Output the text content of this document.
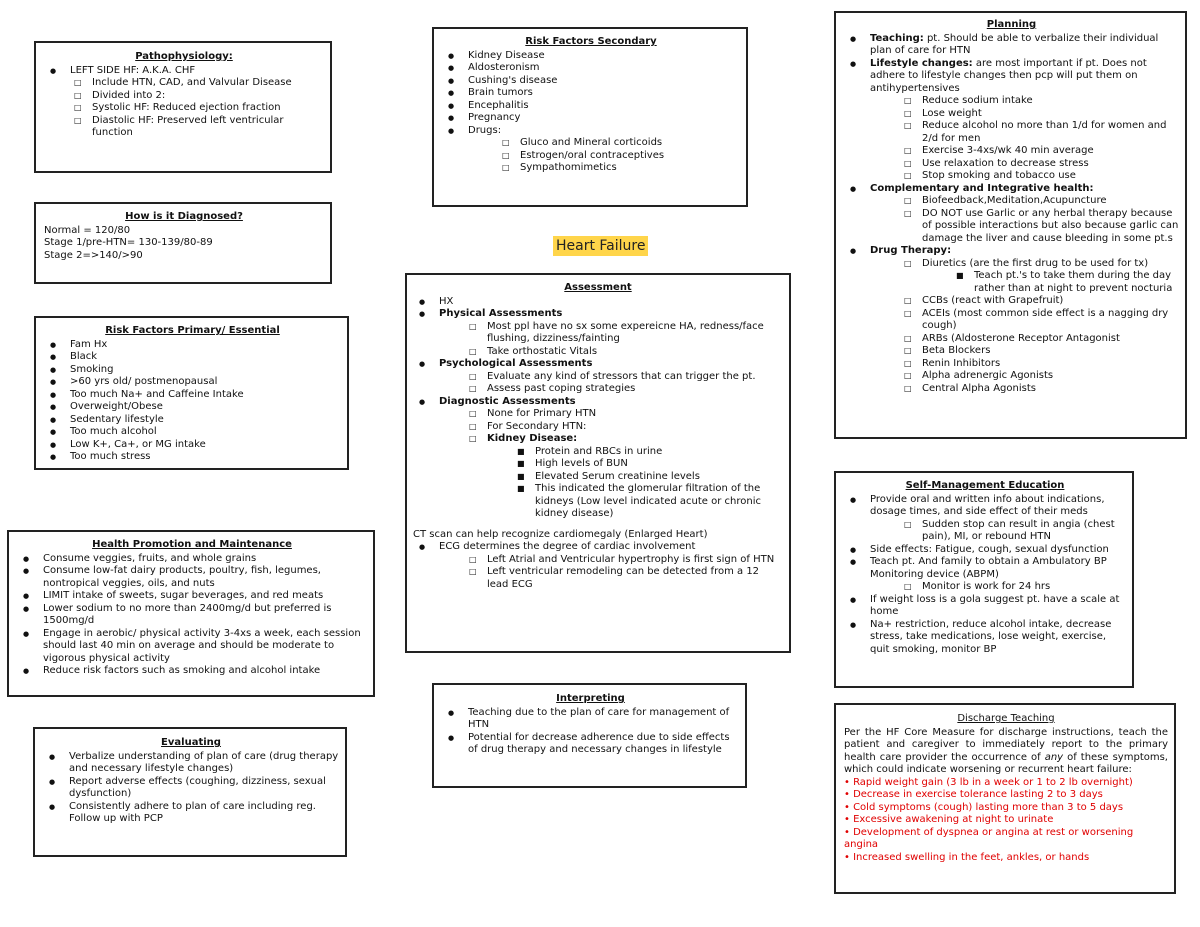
Pathophysiology:
● LEFT SIDE HF: A.K.A. CHF
□ Include HTN, CAD, and Valvular Disease
□ Divided into 2:
□ Systolic HF: Reduced ejection fraction
□ Diastolic HF: Preserved left ventricular function
How is it Diagnosed?
Normal = 120/80
Stage 1/pre-HTN= 130-139/80-89
Stage 2=>140/>90
Risk Factors Primary/ Essential
● Fam Hx
● Black
● Smoking
● >60 yrs old/ postmenopausal
● Too much Na+ and Caffeine Intake
● Overweight/Obese
● Sedentary lifestyle
● Too much alcohol
● Low K+, Ca+, or MG intake
● Too much stress
Health Promotion and Maintenance
● Consume veggies, fruits, and whole grains
● Consume low-fat dairy products, poultry, fish, legumes, nontropical veggies, oils, and nuts
● LIMIT intake of sweets, sugar beverages, and red meats
● Lower sodium to no more than 2400mg/d but preferred is 1500mg/d
● Engage in aerobic/ physical activity 3-4xs a week, each session should last 40 min on average and should be moderate to vigorous physical activity
● Reduce risk factors such as smoking and alcohol intake
Evaluating
● Verbalize understanding of plan of care (drug therapy and necessary lifestyle changes)
● Report adverse effects (coughing, dizziness, sexual dysfunction)
● Consistently adhere to plan of care including reg. Follow up with PCP
Risk Factors Secondary
● Kidney Disease
● Aldosteronism
● Cushing's disease
● Brain tumors
● Encephalitis
● Pregnancy
● Drugs:
□ Gluco and Mineral corticoids
□ Estrogen/oral contraceptives
□ Sympathomimetics
Heart Failure
Assessment
● HX
● Physical Assessments
□ Most ppl have no sx some expereicne HA, redness/face flushing, dizziness/fainting
□ Take orthostatic Vitals
● Psychological Assessments
□ Evaluate any kind of stressors that can trigger the pt.
□ Assess past coping strategies
● Diagnostic Assessments
□ None for Primary HTN
□ For Secondary HTN:
□ Kidney Disease:
■ Protein and RBCs in urine
■ High levels of BUN
■ Elevated Serum creatinine levels
■ This indicated the glomerular filtration of the kidneys (Low level indicated acute or chronic kidney disease)
CT scan can help recognize cardiomegaly (Enlarged Heart)
● ECG determines the degree of cardiac involvement
□ Left Atrial and Ventricular hypertrophy is first sign of HTN
□ Left ventricular remodeling can be detected from a 12 lead ECG
Interpreting
● Teaching due to the plan of care for management of HTN
● Potential for decrease adherence due to side effects of drug therapy and necessary changes in lifestyle
Planning
● Teaching: pt. Should be able to verbalize their individual plan of care for HTN
● Lifestyle changes: are most important if pt. Does not adhere to lifestyle changes then pcp will put them on antihypertensives
□ Reduce sodium intake
□ Lose weight
□ Reduce alcohol no more than 1/d for women and 2/d for men
□ Exercise 3-4xs/wk 40 min average
□ Use relaxation to decrease stress
□ Stop smoking and tobacco use
● Complementary and Integrative health:
□ Biofeedback,Meditation,Acupuncture
□ DO NOT use Garlic or any herbal therapy because of possible interactions but also because garlic can damage the liver and cause bleeding in some pt.s
● Drug Therapy:
□ Diuretics (are the first drug to be used for tx)
■ Teach pt.'s to take them during the day rather than at night to prevent nocturia
□ CCBs (react with Grapefruit)
□ ACEIs (most common side effect is a nagging dry cough)
□ ARBs (Aldosterone Receptor Antagonist
□ Beta Blockers
□ Renin Inhibitors
□ Alpha adrenergic Agonists
□ Central Alpha Agonists
Self-Management Education
● Provide oral and written info about indications, dosage times, and side effect of their meds
□ Sudden stop can result in angia (chest pain), MI, or rebound HTN
● Side effects: Fatigue, cough, sexual dysfunction
● Teach pt. And family to obtain a Ambulatory BP Monitoring device (ABPM)
□ Monitor is work for 24 hrs
● If weight loss is a gola suggest pt. have a scale at home
● Na+ restriction, reduce alcohol intake, decrease stress, take medications, lose weight, exercise, quit smoking, monitor BP
Discharge Teaching
Per the HF Core Measure for discharge instructions, teach the patient and caregiver to immediately report to the primary health care provider the occurrence of any of these symptoms, which could indicate worsening or recurrent heart failure:
• Rapid weight gain (3 lb in a week or 1 to 2 lb overnight)
• Decrease in exercise tolerance lasting 2 to 3 days
• Cold symptoms (cough) lasting more than 3 to 5 days
• Excessive awakening at night to urinate
• Development of dyspnea or angina at rest or worsening angina
• Increased swelling in the feet, ankles, or hands
